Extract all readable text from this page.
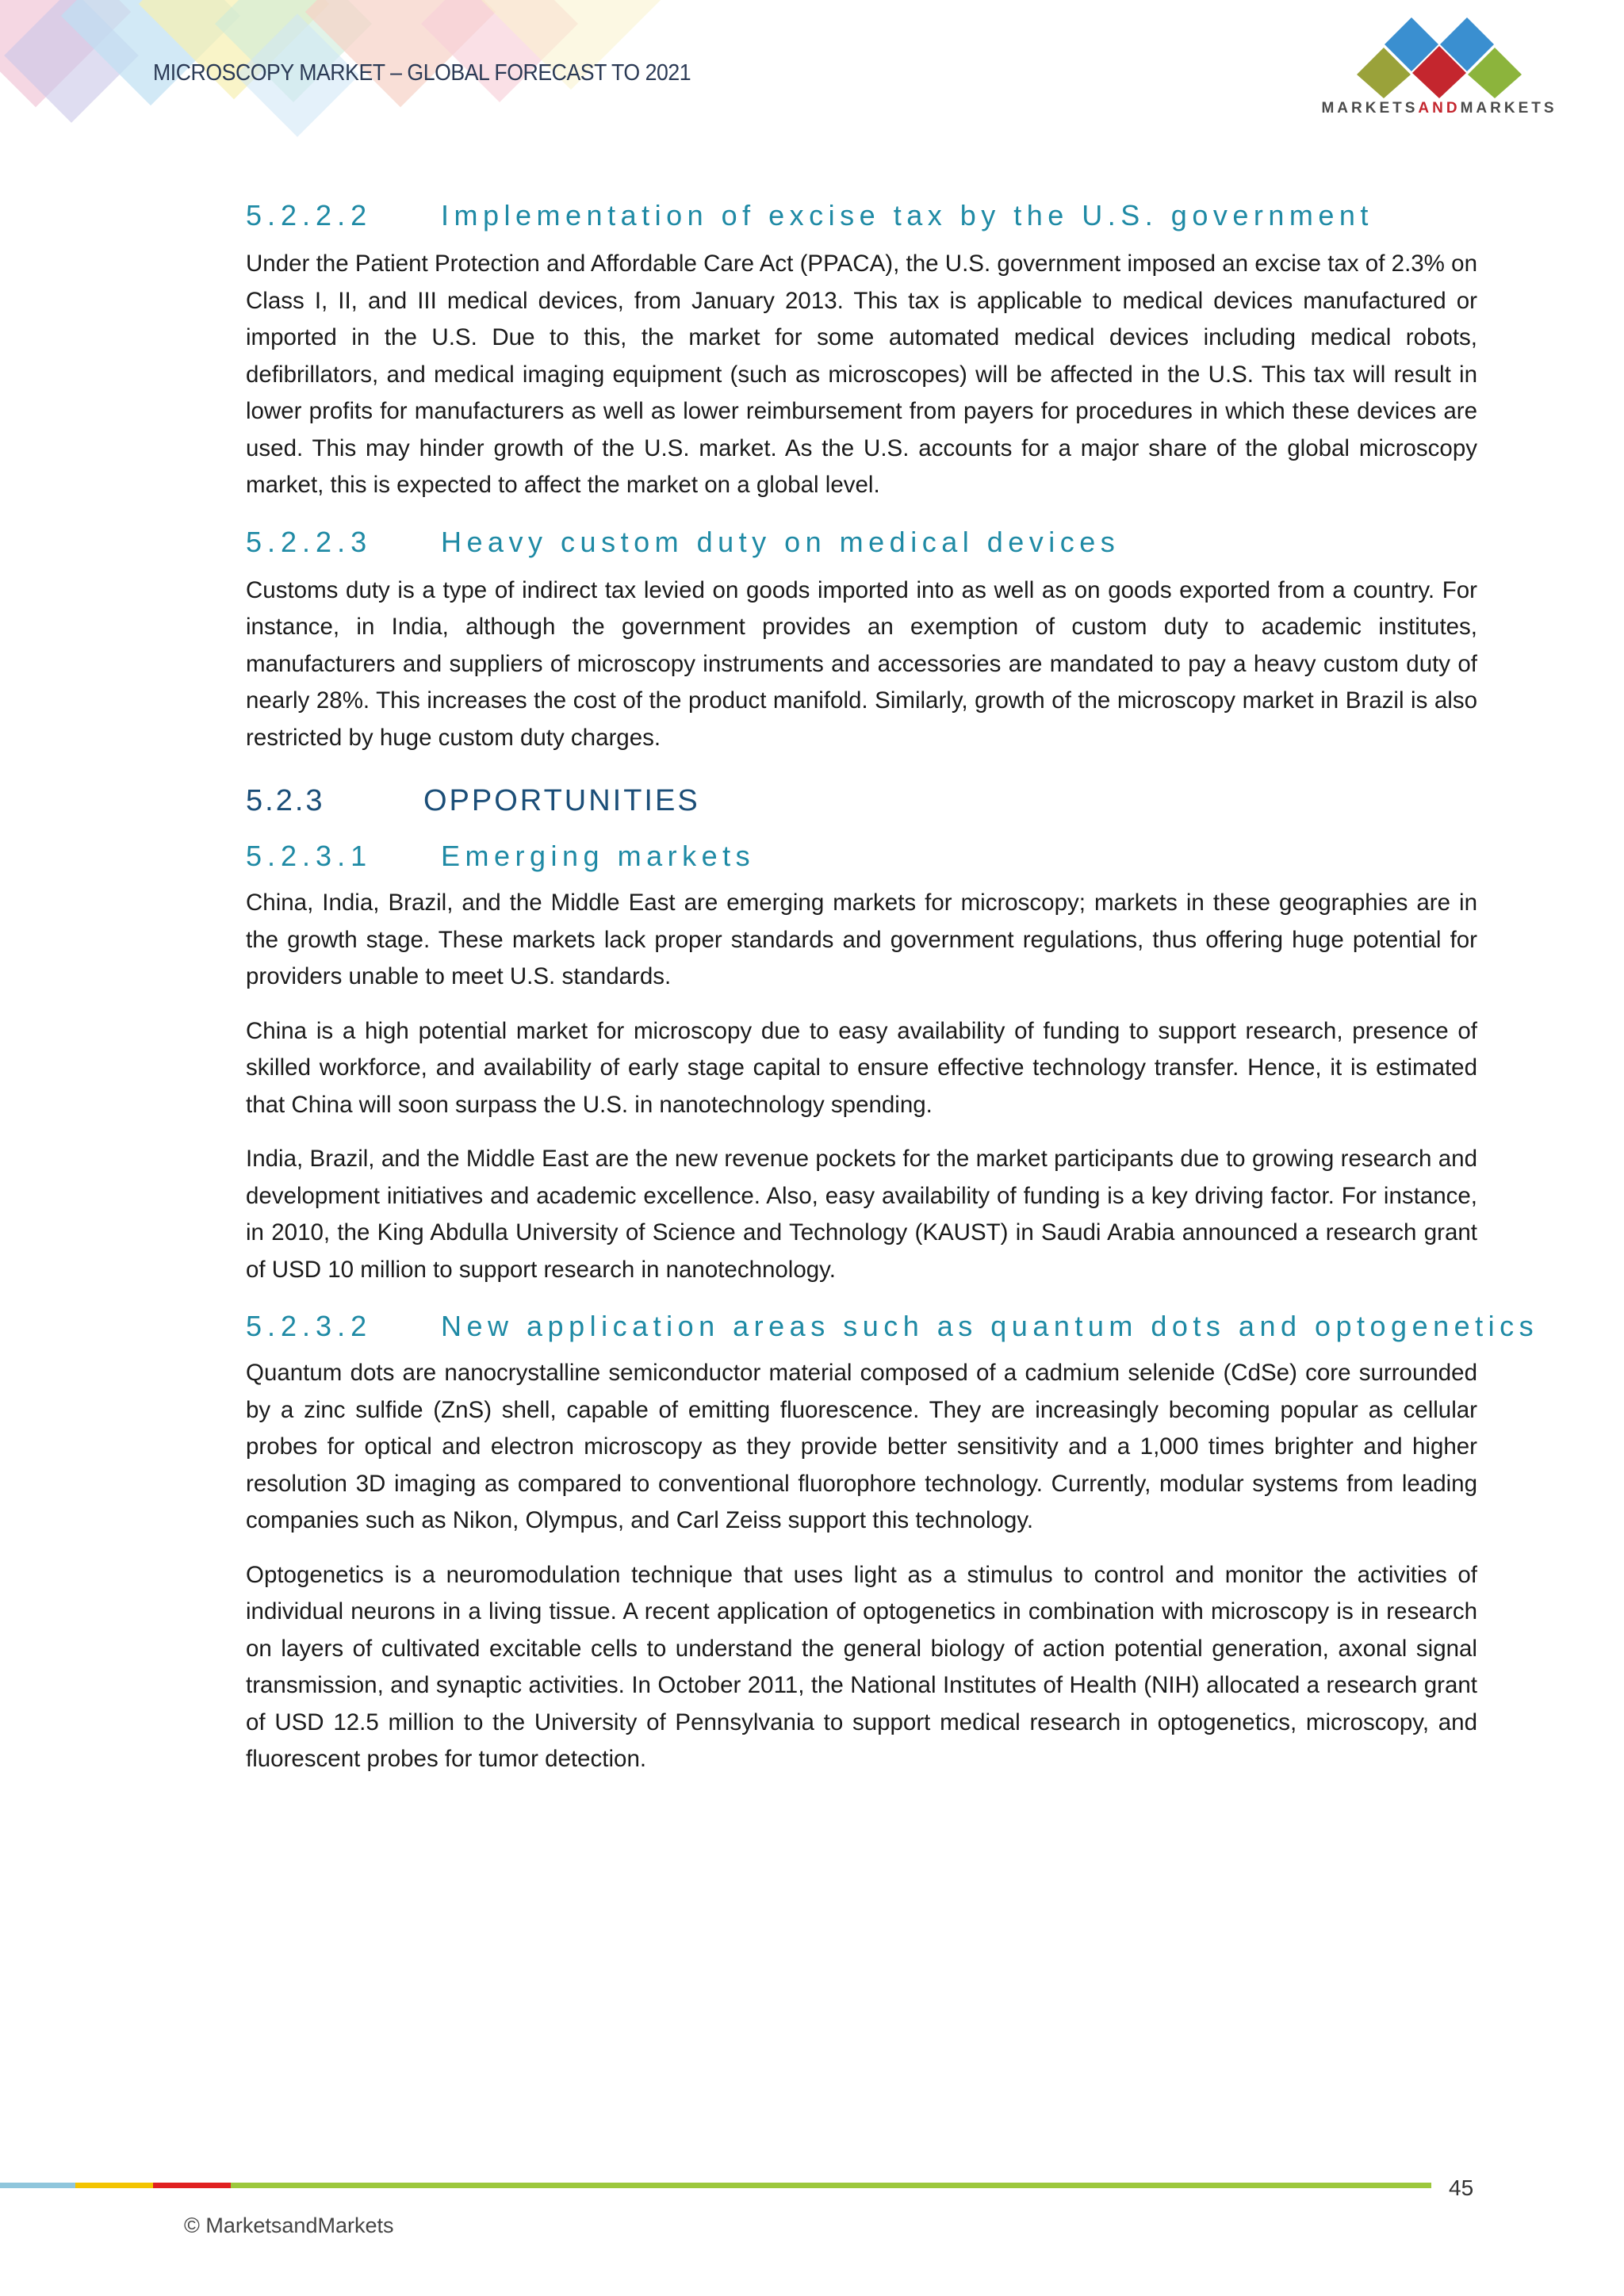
MICROSCOPY MARKET – GLOBAL FORECAST TO 2021
MARKETSANDMARKETS
5.2.2.2 Implementation of excise tax by the U.S. government

Under the Patient Protection and Affordable Care Act (PPACA), the U.S. government imposed an excise tax of 2.3% on Class I, II, and III medical devices, from January 2013. This tax is applicable to medical devices manufactured or imported in the U.S. Due to this, the market for some automated medical devices including medical robots, defibrillators, and medical imaging equipment (such as microscopes) will be affected in the U.S. This tax will result in lower profits for manufacturers as well as lower reimbursement from payers for procedures in which these devices are used. This may hinder growth of the U.S. market. As the U.S. accounts for a major share of the global microscopy market, this is expected to affect the market on a global level.

5.2.2.3 Heavy custom duty on medical devices

Customs duty is a type of indirect tax levied on goods imported into as well as on goods exported from a country. For instance, in India, although the government provides an exemption of custom duty to academic institutes, manufacturers and suppliers of microscopy instruments and accessories are mandated to pay a heavy custom duty of nearly 28%. This increases the cost of the product manifold. Similarly, growth of the microscopy market in Brazil is also restricted by huge custom duty charges.

5.2.3	OPPORTUNITIES
5.2.3.1 Emerging markets

China, India, Brazil, and the Middle East are emerging markets for microscopy; markets in these geographies are in the growth stage. These markets lack proper standards and government regulations, thus offering huge potential for providers unable to meet U.S. standards.

China is a high potential market for microscopy due to easy availability of funding to support research, presence of skilled workforce, and availability of early stage capital to ensure effective technology transfer. Hence, it is estimated that China will soon surpass the U.S. in nanotechnology spending.

India, Brazil, and the Middle East are the new revenue pockets for the market participants due to growing research and development initiatives and academic excellence. Also, easy availability of funding is a key driving factor. For instance, in 2010, the King Abdulla University of Science and Technology (KAUST) in Saudi Arabia announced a research grant of USD 10 million to support research in nanotechnology.

5.2.3.2 New application areas such as quantum dots and optogenetics

Quantum dots are nanocrystalline semiconductor material composed of a cadmium selenide (CdSe) core surrounded by a zinc sulfide (ZnS) shell, capable of emitting fluorescence. They are increasingly becoming popular as cellular probes for optical and electron microscopy as they provide better sensitivity and a 1,000 times brighter and higher resolution 3D imaging as compared to conventional fluorophore technology. Currently, modular systems from leading companies such as Nikon, Olympus, and Carl Zeiss support this technology.

Optogenetics is a neuromodulation technique that uses light as a stimulus to control and monitor the activities of individual neurons in a living tissue. A recent application of optogenetics in combination with microscopy is in research on layers of cultivated excitable cells to understand the general biology of action potential generation, axonal signal transmission, and synaptic activities. In October 2011, the National Institutes of Health (NIH) allocated a research grant of USD 12.5 million to the University of Pennsylvania to support medical research in optogenetics, microscopy, and fluorescent probes for tumor detection.

45
© MarketsandMarkets
